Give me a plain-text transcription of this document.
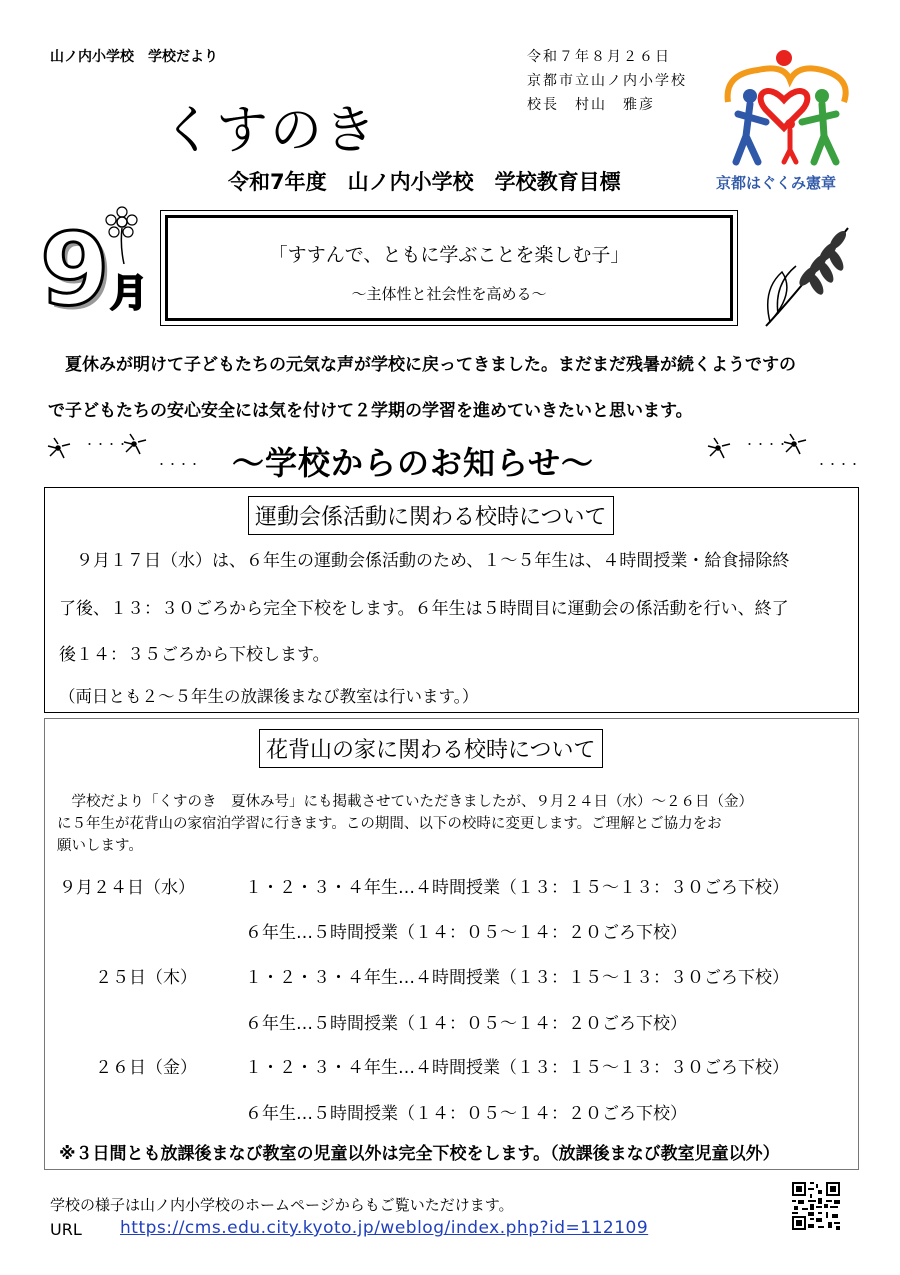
山ノ内小学校　学校だより
くすのき
令和７年８月２６日
京都市立山ノ内小学校
校長　村山　雅彦
京都はぐくみ憲章
令和7年度　山ノ内小学校　学校教育目標
9 月
「すすんで、ともに学ぶことを楽しむ子」
～主体性と社会性を高める～
　夏休みが明けて子どもたちの元気な声が学校に戻ってきました。まだまだ残暑が続くようですの
で子どもたちの安心安全には気を付けて２学期の学習を進めていきたいと思います。
・・・・
・・・・ ～学校からのお知らせ～	・・・・
・・・・
運動会係活動に関わる校時について
　９月１７日（水）は、６年生の運動会係活動のため、１～５年生は、４時間授業・給食掃除終
了後、１３：３０ごろから完全下校をします。６年生は５時間目に運動会の係活動を行い、終了
後１４：３５ごろから下校します。
（両日とも２～５年生の放課後まなび教室は行います。）
花背山の家に関わる校時について
　学校だより「くすのき　夏休み号」にも掲載させていただきましたが、９月２４日（水）～２６日（金）
に５年生が花背山の家宿泊学習に行きます。この期間、以下の校時に変更します。ご理解とご協力をお
願いします。
９月２４日（水）	１・２・３・４年生…４時間授業（１３：１５～１３：３０ごろ下校）
６年生…５時間授業（１４：０５～１４：２０ごろ下校）
２５日（木）	１・２・３・４年生…４時間授業（１３：１５～１３：３０ごろ下校）
６年生…５時間授業（１４：０５～１４：２０ごろ下校）
２６日（金）	１・２・３・４年生…４時間授業（１３：１５～１３：３０ごろ下校）
６年生…５時間授業（１４：０５～１４：２０ごろ下校）
※３日間とも放課後まなび教室の児童以外は完全下校をします。（放課後まなび教室児童以外）
学校の様子は山ノ内小学校のホームページからもご覧いただけます。
URL https://cms.edu.city.kyoto.jp/weblog/index.php?id=112109
